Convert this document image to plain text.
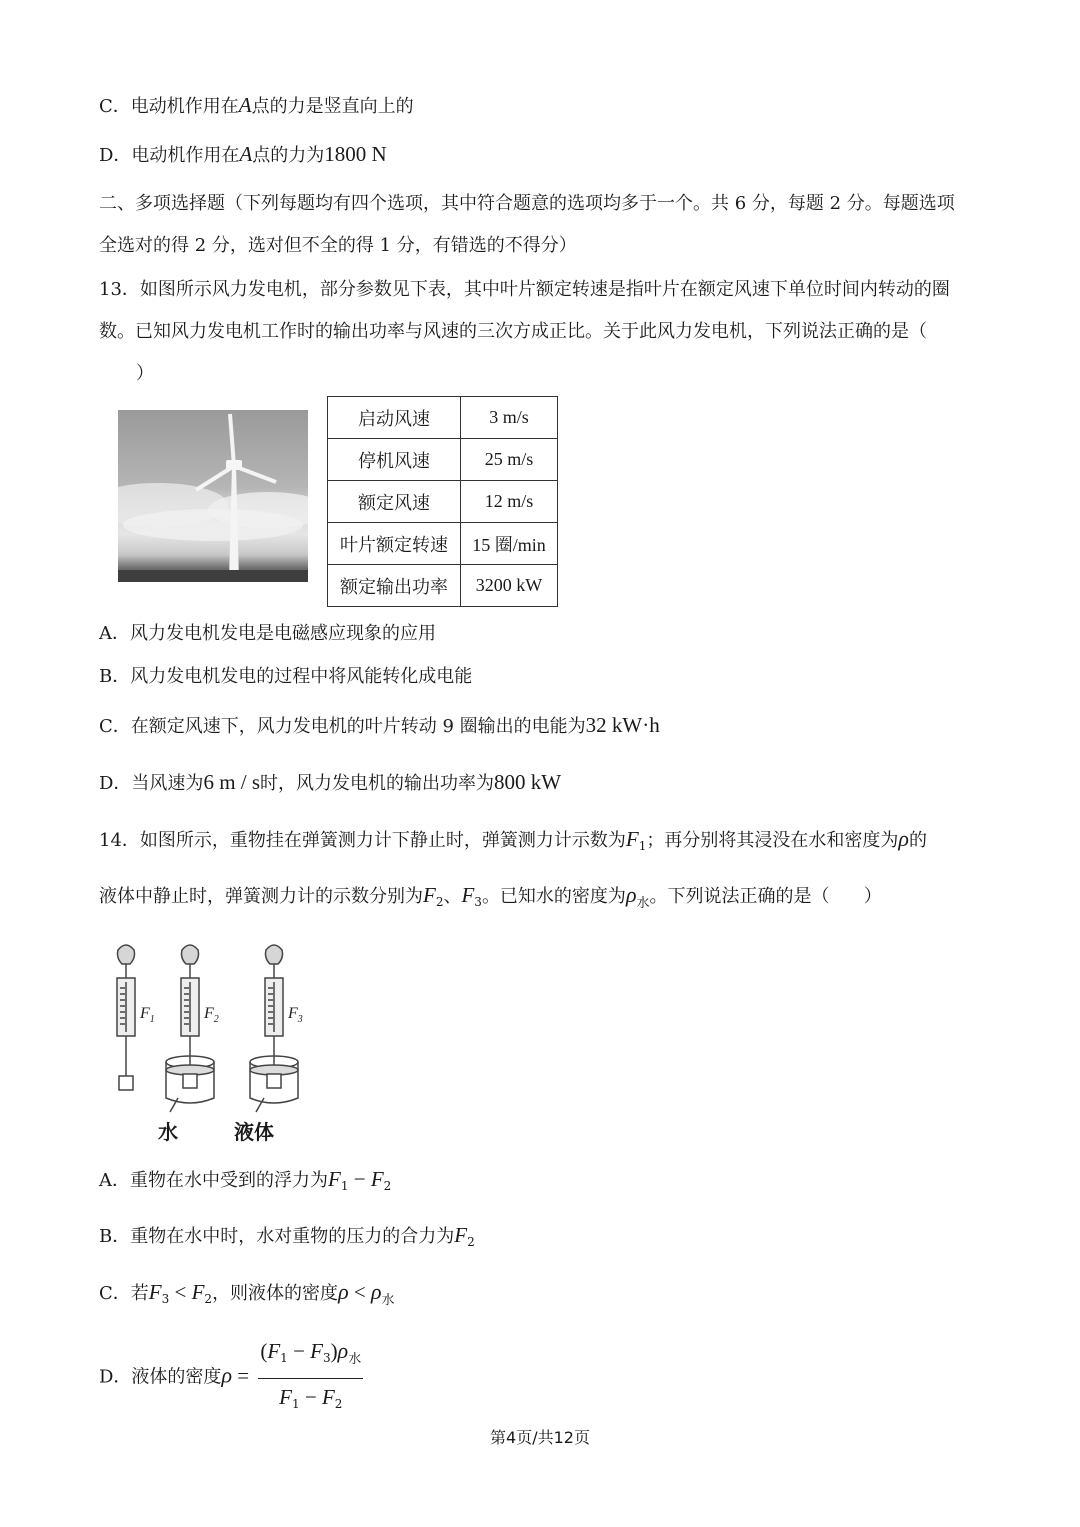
C．电动机作用在A点的力是竖直向上的
D．电动机作用在A点的力为1800 N
二、多项选择题（下列每题均有四个选项，其中符合题意的选项均多于一个。共 6 分，每题 2 分。每题选项
全选对的得 2 分，选对但不全的得 1 分，有错选的不得分）
13．如图所示风力发电机，部分参数见下表，其中叶片额定转速是指叶片在额定风速下单位时间内转动的圈
数。已知风力发电机工作时的输出功率与风速的三次方成正比。关于此风力发电机，下列说法正确的是（
）
启动风速	3 m/s
停机风速	25 m/s
额定风速	12 m/s
叶片额定转速	15 圈/min
额定输出功率	3200 kW
A．风力发电机发电是电磁感应现象的应用
B．风力发电机发电的过程中将风能转化成电能
C．在额定风速下，风力发电机的叶片转动 9 圈输出的电能为32 kW·h
D．当风速为6 m / s时，风力发电机的输出功率为800 kW
14．如图所示，重物挂在弹簧测力计下静止时，弹簧测力计示数为$F_1$；再分别将其浸没在水和密度为ρ的
液体中静止时，弹簧测力计的示数分别为$F_2$、$F_3$。已知水的密度为$\rho_水$。下列说法正确的是（ ）
$F_1$	$F_2$	$F_3$
水	液体
A．重物在水中受到的浮力为$F_1 - F_2$
B．重物在水中时，水对重物的压力的合力为$F_2$
C．若$F_3 < F_2$，则液体的密度$\rho < \rho_水$
D．液体的密度$\rho = \frac{(F_1 - F_3)\rho_水}{F_1 - F_2}$
第4页/共12页
